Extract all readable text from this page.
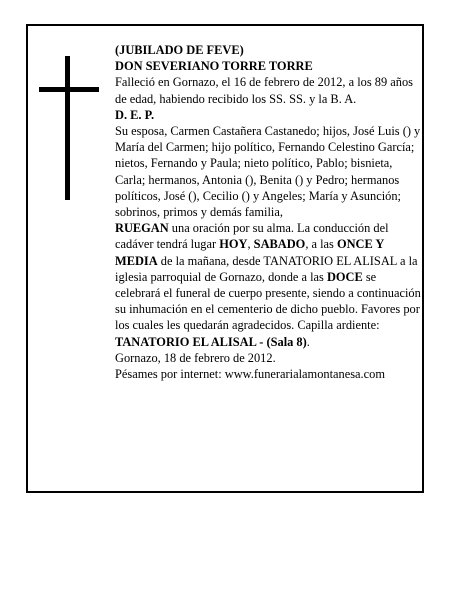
(JUBILADO DE FEVE)

DON SEVERIANO TORRE TORRE

Falleció en Gornazo, el 16 de febrero de 2012, a los 89 años

de edad, habiendo recibido los SS. SS. y la B. A.

D. E. P.

Su esposa, Carmen Castañera Castanedo; hijos, José Luis () y María del Carmen; hijo político, Fernando Celestino García; nietos, Fernando y Paula; nieto político, Pablo; bisnieta, Carla; hermanos, Antonia (), Benita () y Pedro; hermanos políticos, José (), Cecilio () y Angeles; María y Asunción; sobrinos, primos y demás familia,

RUEGAN una oración por su alma. La conducción del cadáver tendrá lugar HOY, SABADO, a las ONCE Y MEDIA de la mañana, desde TANATORIO EL ALISAL a la iglesia parroquial de Gornazo, donde a las DOCE se celebrará el funeral de cuerpo presente, siendo a continuación su inhumación en el cementerio de dicho pueblo. Favores por los cuales les quedarán agradecidos. Capilla ardiente: TANATORIO EL ALISAL - (Sala 8).

Gornazo, 18 de febrero de 2012.

Pésames por internet: www.funerarialamontanesa.com
